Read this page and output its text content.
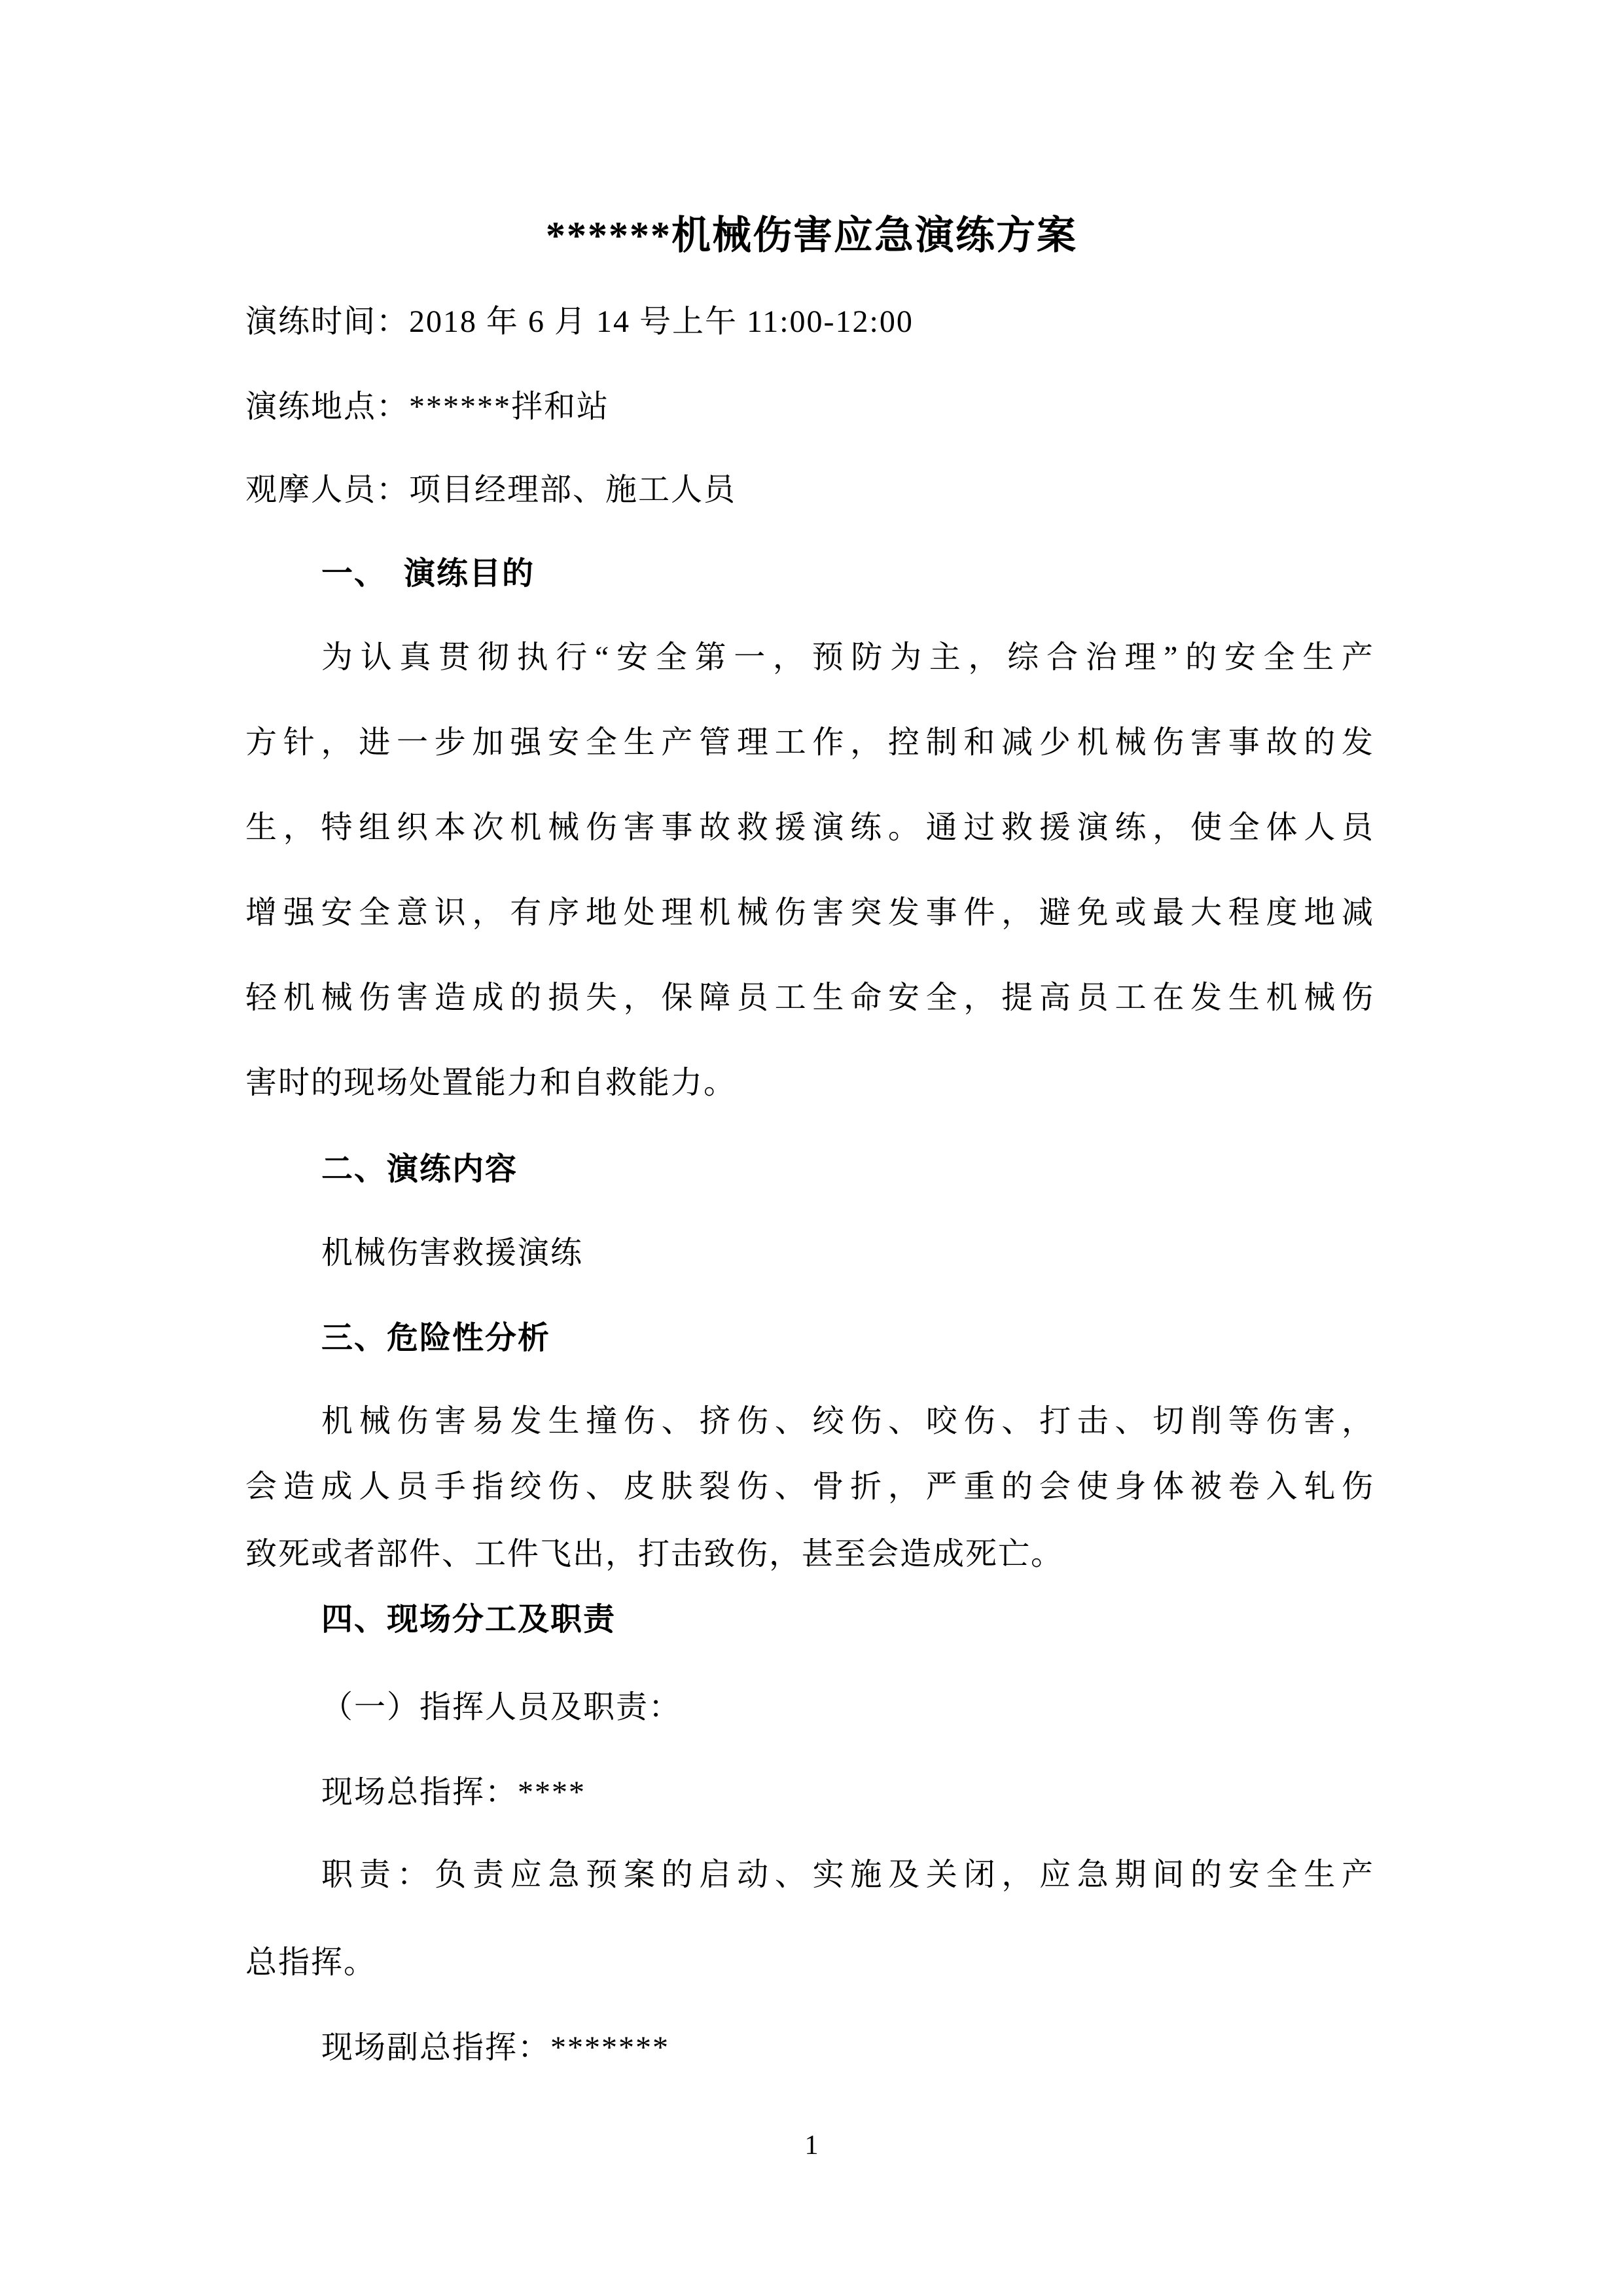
******机械伤害应急演练方案
演练时间：2018 年 6 月 14 号上午 11:00-12:00
演练地点：******拌和站
观摩人员：项目经理部、施工人员
一、　演练目的
为认真贯彻执行“安全第一，预防为主，综合治理”的安全生产
方针，进一步加强安全生产管理工作，控制和减少机械伤害事故的发
生，特组织本次机械伤害事故救援演练。通过救援演练，使全体人员
增强安全意识，有序地处理机械伤害突发事件，避免或最大程度地减
轻机械伤害造成的损失，保障员工生命安全，提高员工在发生机械伤
害时的现场处置能力和自救能力。
二、演练内容
机械伤害救援演练
三、危险性分析
机械伤害易发生撞伤、挤伤、绞伤、咬伤、打击、切削等伤害，
会造成人员手指绞伤、皮肤裂伤、骨折，严重的会使身体被卷入轧伤
致死或者部件、工件飞出，打击致伤，甚至会造成死亡。
四、现场分工及职责
（一）指挥人员及职责：
现场总指挥：****
职责：负责应急预案的启动、实施及关闭，应急期间的安全生产
总指挥。
现场副总指挥：*******
1
